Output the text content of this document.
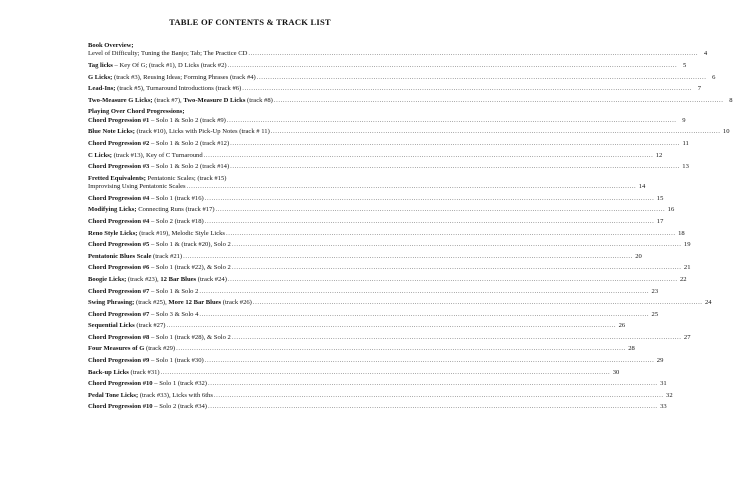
TABLE OF CONTENTS & TRACK LIST
Book Overview;
Level of Difficulty; Tuning the Banjo; Tab; The Practice CD ........................................................................................................................................................................................................ 4
Tag licks – Key Of G; (track #1), D Licks (track #2) ........................................................................................................................................................................................................ 5
G Licks; (track #3), Reusing Ideas; Forming Phrases (track #4) ........................................................................................................................................................................................................ 6
Lead-Ins; (track #5), Turnaround Introductions (track #6) ........................................................................................................................................................................................................ 7
Two-Measure G Licks; (track #7), Two-Measure D Licks (track #8) ........................................................................................................................................................................................................ 8
Playing Over Chord Progressions;
Chord Progression #1 – Solo 1 & Solo 2 (track #9) ........................................................................................................................................................................................................ 9
Blue Note Licks; (track #10), Licks with Pick-Up Notes (track # 11) ........................................................................................................................................................................................................ 10
Chord Progression #2 – Solo 1 & Solo 2 (track #12) ........................................................................................................................................................................................................ 11
C Licks; (track #13), Key of C Turnaround ........................................................................................................................................................................................................ 12
Chord Progression #3 – Solo 1 & Solo 2 (track #14) ........................................................................................................................................................................................................ 13
Fretted Equivalents; Pentatonic Scales; (track #15)
Improvising Using Pentatonic Scales ........................................................................................................................................................................................................ 14
Chord Progression #4 – Solo 1 (track #16) ........................................................................................................................................................................................................ 15
Modifying Licks; Connecting Runs (track #17) ........................................................................................................................................................................................................ 16
Chord Progression #4 – Solo 2 (track #18) ........................................................................................................................................................................................................ 17
Reno Style Licks; (track #19), Melodic Style Licks ........................................................................................................................................................................................................ 18
Chord Progression #5 – Solo 1 & (track #20), Solo 2 ........................................................................................................................................................................................................ 19
Pentatonic Blues Scale (track #21) ........................................................................................................................................................................................................ 20
Chord Progression #6 – Solo 1 (track #22), & Solo 2 ........................................................................................................................................................................................................ 21
Boogie Licks; (track #23), 12 Bar Blues (track #24) ........................................................................................................................................................................................................ 22
Chord Progression #7 – Solo 1 & Solo 2 ........................................................................................................................................................................................................ 23
Swing Phrasing; (track #25), More 12 Bar Blues (track #26) ........................................................................................................................................................................................................ 24
Chord Progression #7 – Solo 3 & Solo 4 ........................................................................................................................................................................................................ 25
Sequential Licks (track #27) ........................................................................................................................................................................................................ 26
Chord Progression #8 – Solo 1 (track #28), & Solo 2 ........................................................................................................................................................................................................ 27
Four Measures of G (track #29) ........................................................................................................................................................................................................ 28
Chord Progression #9 – Solo 1 (track #30) ........................................................................................................................................................................................................ 29
Back-up Licks (track #31) ........................................................................................................................................................................................................ 30
Chord Progression #10 – Solo 1 (track #32) ........................................................................................................................................................................................................ 31
Pedal Tone Licks; (track #33), Licks with 6ths ........................................................................................................................................................................................................ 32
Chord Progression #10 – Solo 2 (track #34) ........................................................................................................................................................................................................ 33
